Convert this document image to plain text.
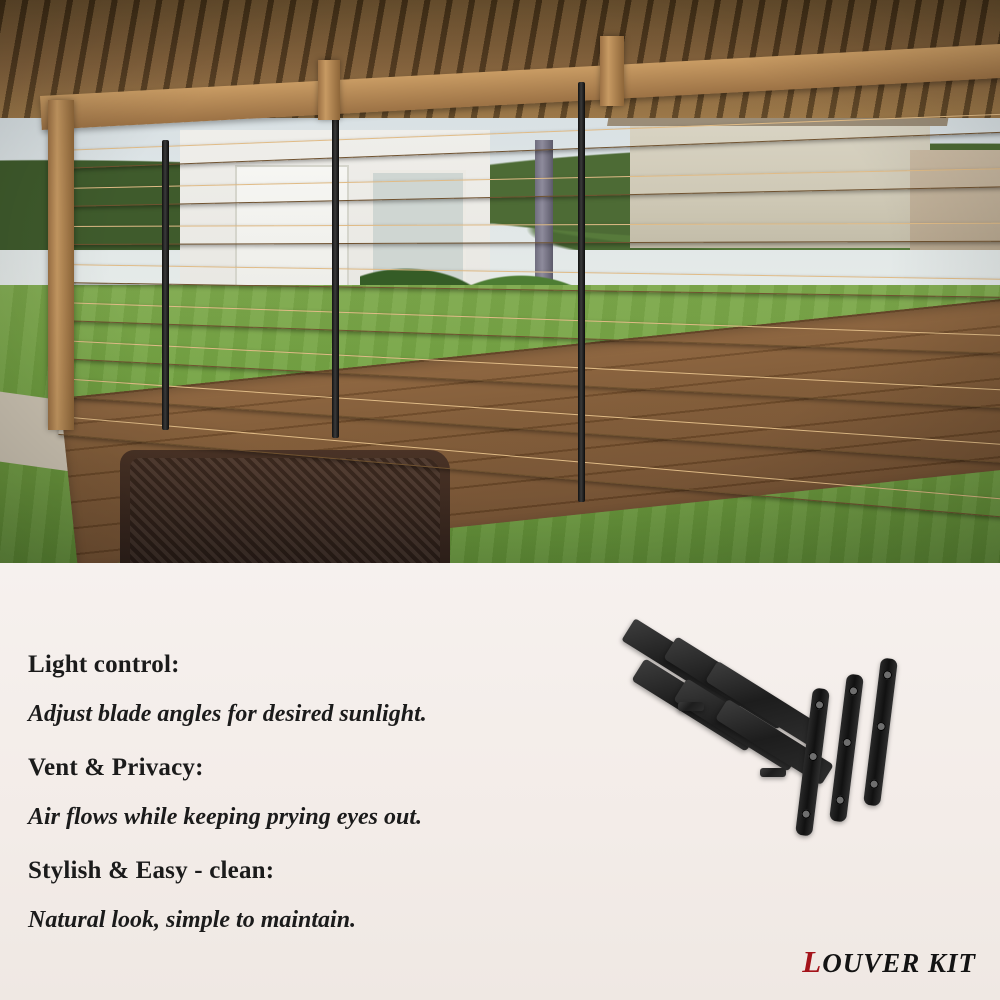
Light control:

Adjust blade angles for desired sunlight.

Vent & Privacy:

Air flows while keeping prying eyes out.

Stylish & Easy - clean:

Natural look, simple to maintain.

LOUVER KIT
